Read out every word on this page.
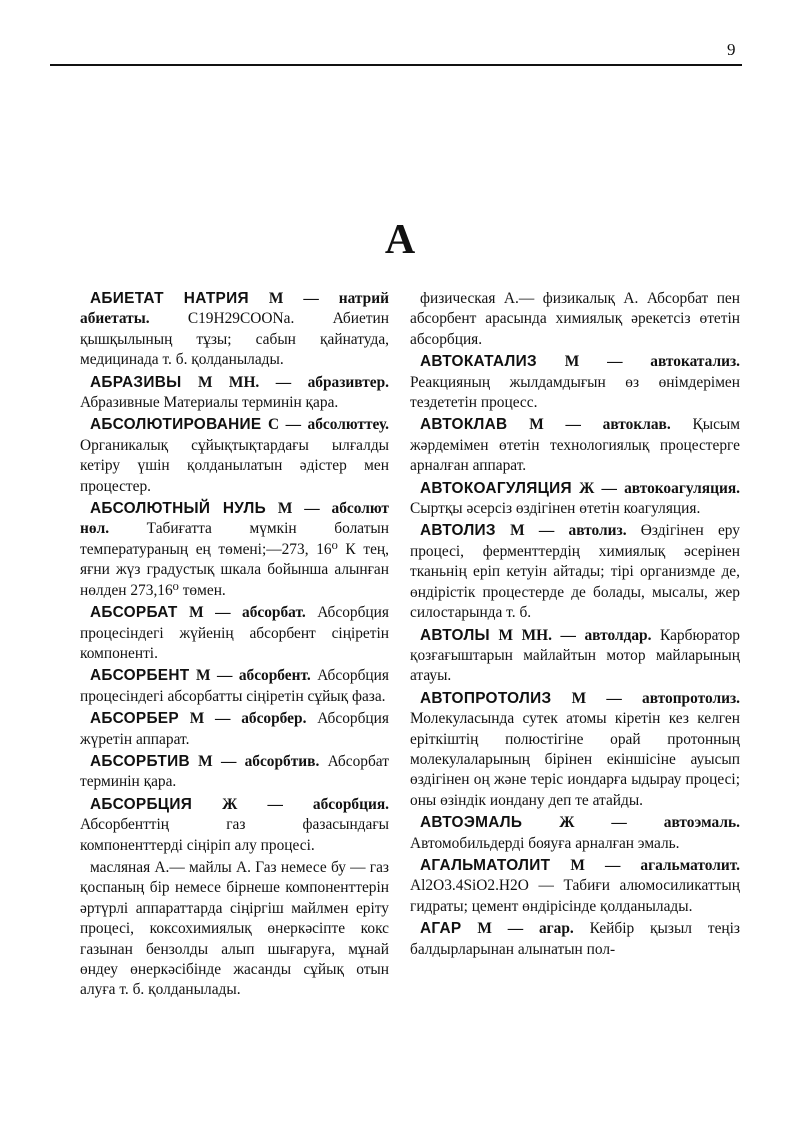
9
А

АБИЕТАТ НАТРИЯ М — натрий абиетаты. C19H29COONa. Абиетин қышқылының тұзы; сабын қайнатуда, медицинада т. б. қолданылады.

АБРАЗИВЫ М МН. — абразивтер. Абразивные Материалы терминін қара.

АБСОЛЮТИРОВАНИЕ С — абсолюттеу. Органикалық сұйықтықтардағы ылғалды кетіру үшін қолданылатын әдістер мен процестер.

АБСОЛЮТНЫЙ НУЛЬ М — абсолют нөл. Табиғатта мүмкін болатын температураның ең төмені;—273, 16⁰ К тең, яғни жүз градустық шкала бойынша алынған нөлден 273,16⁰ төмен.

АБСОРБАТ М — абсорбат. Абсорбция процесіндегі жүйенің абсорбент сіңіретін компоненті.

АБСОРБЕНТ М — абсорбент. Абсорбция процесіндегі абсорбатты сіңіретін сұйық фаза.

АБСОРБЕР М — абсорбер. Абсорбция жүретін аппарат.

АБСОРБТИВ М — абсорбтив. Абсорбат терминін қара.

АБСОРБЦИЯ Ж — абсорбция. Абсорбенттің газ фазасындағы компоненттерді сіңіріп алу процесі.

масляная А.— майлы А. Газ немесе бу — газ қоспаның бір немесе бірнеше компоненттерін әртүрлі аппараттарда сіңіргіш майлмен еріту процесі, коксохимиялық өнеркәсіпте кокс газынан бензолды алып шығаруға, мұнай өндеу өнеркәсібінде жасанды сұйық отын алуға т. б. қолданылады.

физическая А.— физикалық А. Абсорбат пен абсорбент арасында химиялық әрекетсіз өтетін абсорбция.

АВТОКАТАЛИЗ М — автокатализ. Реакцияның жылдамдығын өз өнімдерімен тездететін процесс.

АВТОКЛАВ М — автоклав. Қысым жәрдемімен өтетін технологиялық процестерге арналған аппарат.

АВТОКОАГУЛЯЦИЯ Ж — автокоагуляция. Сыртқы әсерсіз өздігінен өтетін коагуляция.

АВТОЛИЗ М — автолиз. Өздігінен еру процесі, ферменттердің химиялық әсерінен тканьнің еріп кетуін айтады; тірі организмде де, өндірістік процестерде де болады, мысалы, жер силостарында т. б.

АВТОЛЫ М МН. — автолдар. Карбюратор қозғағыштарын майлайтын мотор майларының атауы.

АВТОПРОТОЛИЗ М — автопротолиз. Молекуласында сутек атомы кіретін кез келген еріткіштің полюстігіне орай протонның молекулаларының бірінен екіншісіне ауысып өздігінен оң және теріс иондарға ыдырау процесі; оны өзіндік иондану деп те атайды.

АВТОЭМАЛЬ Ж — автоэмаль. Автомобильдерді бояуға арналған эмаль.

АГАЛЬМАТОЛИТ М — агальматолит. Al2O3.4SiO2.H2O — Табиғи алюмосиликаттың гидраты; цемент өндірісінде қолданылады.

АГАР М — агар. Кейбір қызыл теңіз балдырларынан алынатын пол-
